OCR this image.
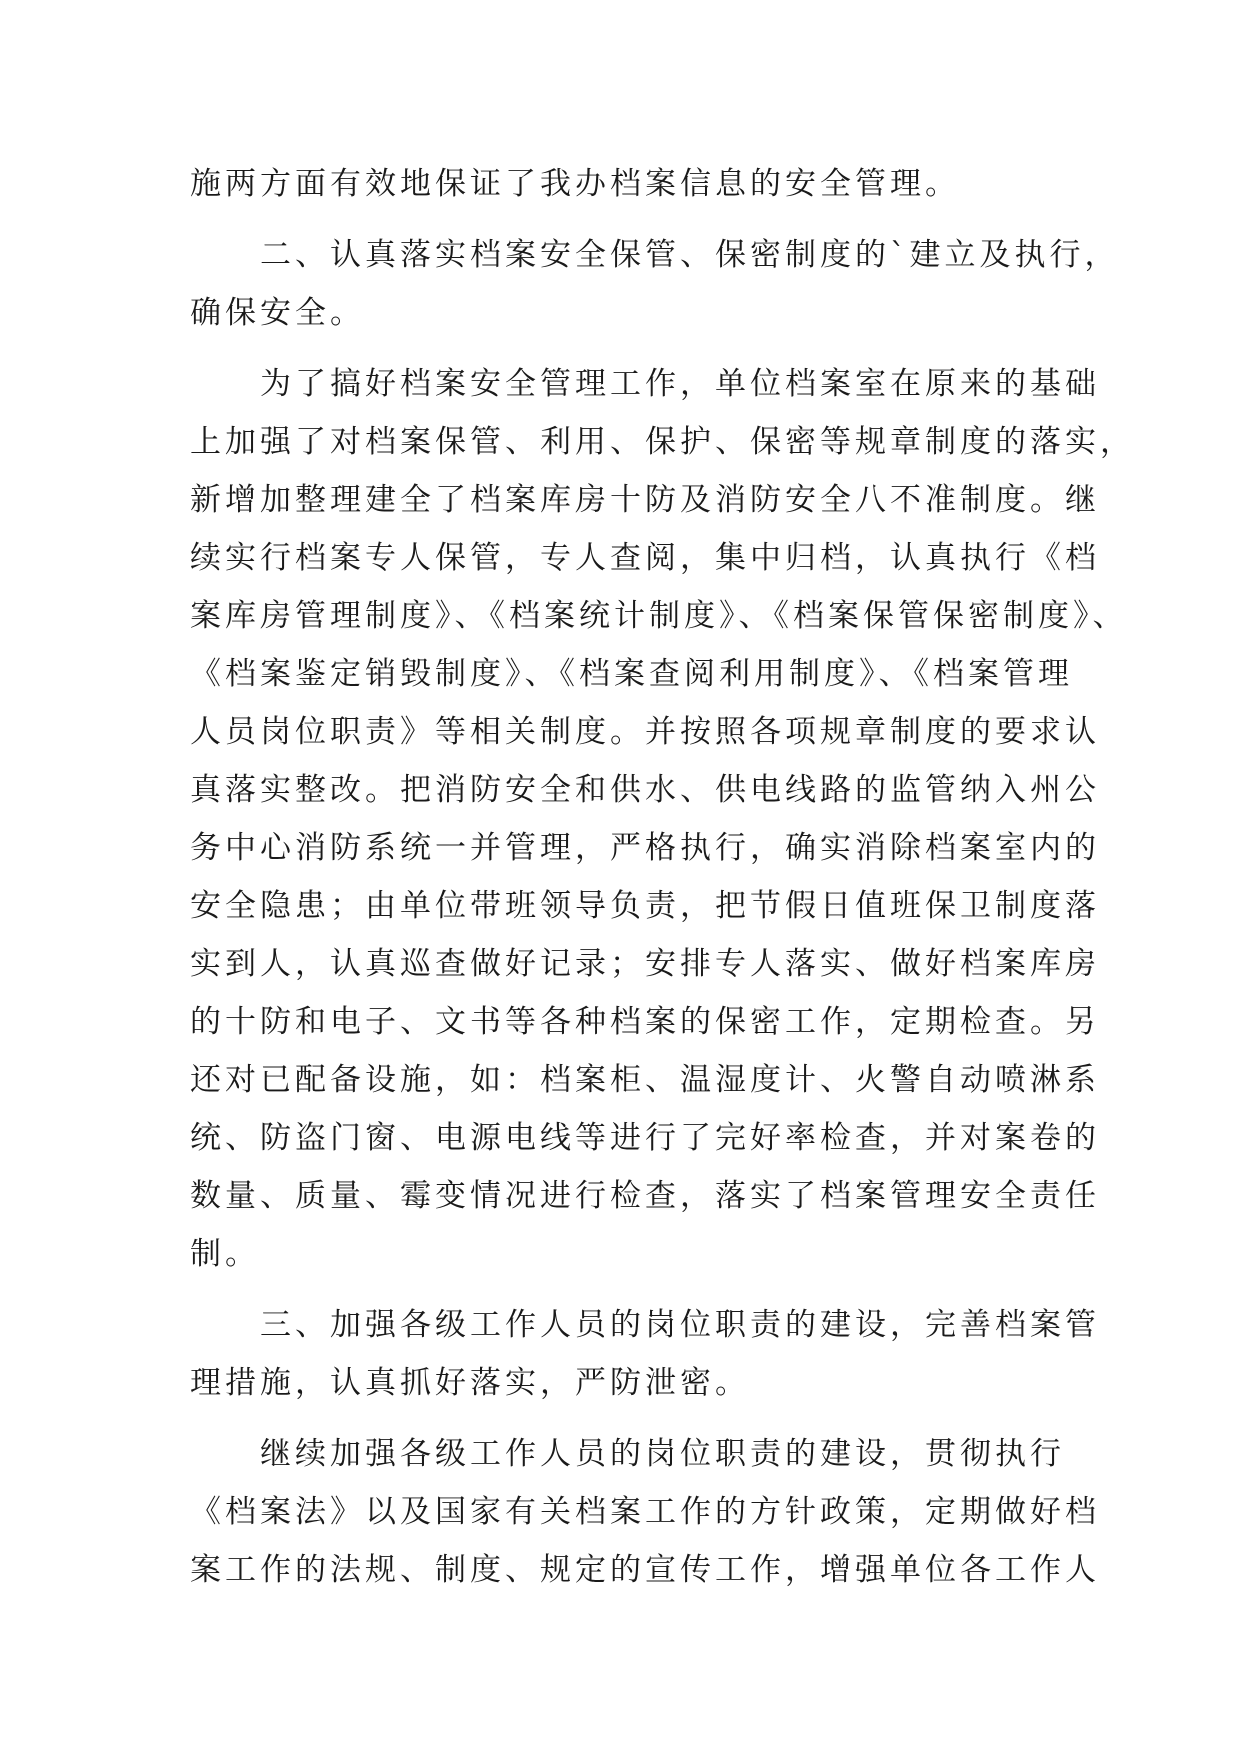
施两方面有效地保证了我办档案信息的安全管理。
　　二、认真落实档案安全保管、保密制度的`建立及执行，
确保安全。
　　为了搞好档案安全管理工作，单位档案室在原来的基础
上加强了对档案保管、利用、保护、保密等规章制度的落实，
新增加整理建全了档案库房十防及消防安全八不准制度。继
续实行档案专人保管，专人查阅，集中归档，认真执行《档
案库房管理制度》、《档案统计制度》、《档案保管保密制度》、
《档案鉴定销毁制度》、《档案查阅利用制度》、《档案管理
人员岗位职责》等相关制度。并按照各项规章制度的要求认
真落实整改。把消防安全和供水、供电线路的监管纳入州公
务中心消防系统一并管理，严格执行，确实消除档案室内的
安全隐患；由单位带班领导负责，把节假日值班保卫制度落
实到人，认真巡查做好记录；安排专人落实、做好档案库房
的十防和电子、文书等各种档案的保密工作，定期检查。另
还对已配备设施，如：档案柜、温湿度计、火警自动喷淋系
统、防盗门窗、电源电线等进行了完好率检查，并对案卷的
数量、质量、霉变情况进行检查，落实了档案管理安全责任
制。
　　三、加强各级工作人员的岗位职责的建设，完善档案管
理措施，认真抓好落实，严防泄密。
　　继续加强各级工作人员的岗位职责的建设，贯彻执行
《档案法》以及国家有关档案工作的方针政策，定期做好档
案工作的法规、制度、规定的宣传工作，增强单位各工作人
